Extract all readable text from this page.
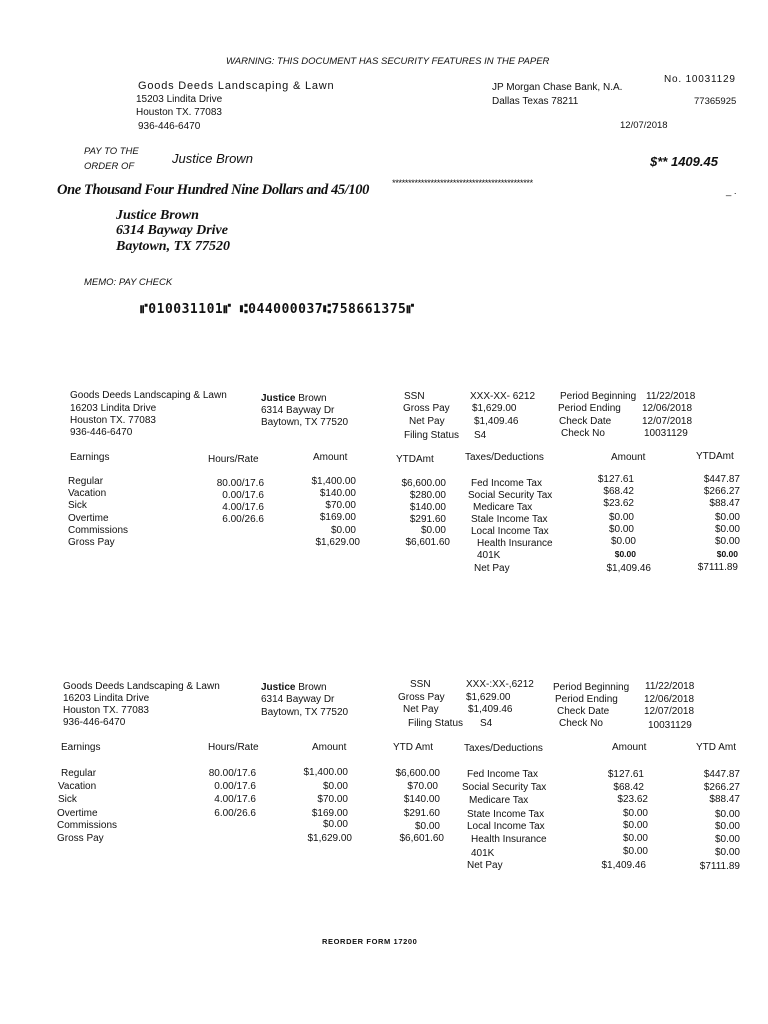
WARNING: THIS DOCUMENT HAS SECURITY FEATURES IN THE PAPER
Goods Deeds Landscaping & Lawn
15203 Lindita Drive
Houston TX. 77083
936-446-6470
JP Morgan Chase Bank, N.A.
Dallas Texas 78211
No. 10031129
77365925
12/07/2018
PAY TO THE
ORDER OF
Justice Brown	$** 1409.45
One Thousand Four Hundred Nine Dollars and 45/100 ********************************************
_ .
Justice Brown
6314 Bayway Drive
Baytown, TX 77520
MEMO: PAY CHECK
⑈010031101⑈ ⑆044000037⑆758661375⑈
Goods Deeds Landscaping & Lawn
16203 Lindita Drive
Houston TX. 77083
936-446-6470
Justice Brown
6314 Bayway Dr
Baytown, TX 77520
SSN	XXX-XX- 6212
Gross Pay $1,629.00
Net Pay	$1,409.46
Filing Status S4
Period Beginning 11/22/2018
Period Ending 12/06/2018
Check Date	12/07/2018
Check No	10031129
Earnings	Hours/Rate	Amount	YTDAmt	Taxes/Deductions	Amount	YTDAmt
Regular	80.00/17.6	$1,400.00	$6,600.00
Vacation	0.00/17.6	$140.00	$280.00
Sick	4.00/17.6	$70.00	$140.00
Overtime	6.00/26.6	$169.00	$291.60
Commissions	$0.00	$0.00
Gross Pay	$1,629.00	$6,601.60
Fed Income Tax	$127.61	$447.87
Social Security Tax	$68.42	$266.27
Medicare Tax	$23.62	$88.47
Stale Income Tax	$0.00	$0.00
Local Income Tax	$0.00	$0.00
Health Insurance	$0.00	$0.00
401K	$0.00	$0.00
Net Pay	$1,409.46	$7111.89
Goods Deeds Landscaping & Lawn
16203 Lindita Drive
Houston TX. 77083
936-446-6470
Justice Brown
6314 Bayway Dr
Baytown, TX 77520
SSN	XXX-:XX-,6212
Gross Pay $1,629.00
Net Pay	$1,409.46
Filing Status S4
Period Beginning 11/22/2018
Period Ending	12/06/2018
Check Date	12/07/2018
Check No	10031129
Earnings	Hours/Rate	Amount	YTD Amt	Taxes/Deductions	Amount	YTD Amt
Regular	80.00/17.6	$1,400.00	$6,600.00
Vacation	0.00/17.6	$0.00	$70.00
Sick	4.00/17.6	$70.00	$140.00
Overtime	6.00/26.6	$169.00	$291.60
Commissions	$0.00	$0.00
Gross Pay	$1,629.00	$6,601.60
Fed Income Tax	$127.61	$447.87
Social Security Tax	$68.42	$266.27
Medicare Tax	$23.62	$88.47
State Income Tax	$0.00	$0.00
Local Income Tax	$0.00	$0.00
Health Insurance	$0.00	$0.00
401K	$0.00	$0.00
Net Pay	$1,409.46	$7111.89
REORDER FORM 17200
